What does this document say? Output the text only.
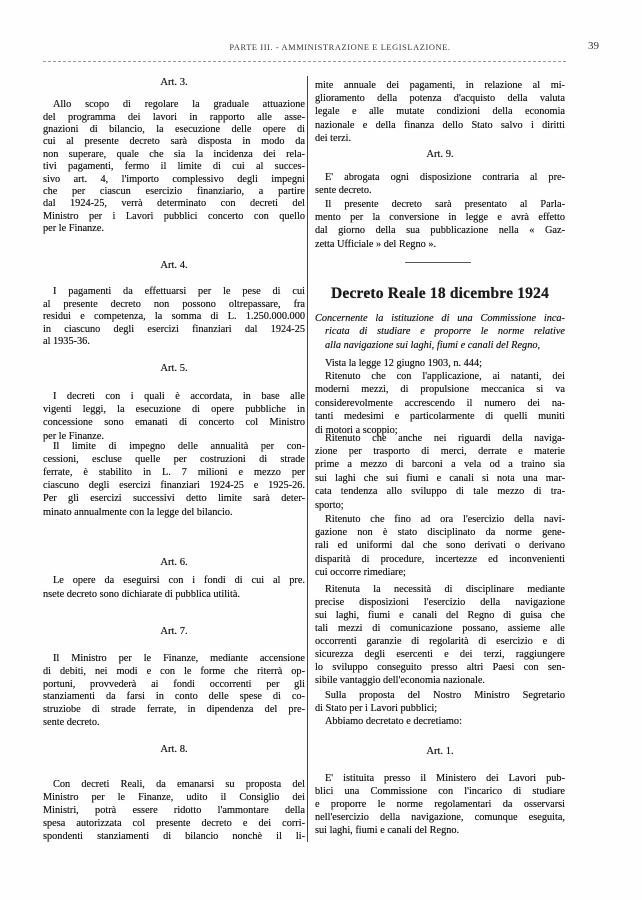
PARTE III. - AMMINISTRAZIONE E LEGISLAZIONE.	39
Art. 3.
Allo scopo di regolare la graduale attuazione
del programma dei lavori in rapporto alle asse-
gnazioni di bilancio, la esecuzione delle opere di
cui al presente decreto sarà disposta in modo da
non superare, quale che sia la incidenza dei rela-
tivi pagamenti, fermo il limite di cui al succes-
sivo art. 4, l'importo complessivo degli impegni
che per ciascun esercizio finanziario, a partire
dal 1924-25, verrà determinato con decreti del
Ministro per i Lavori pubblici concerto con quello
per le Finanze.
Art. 4.
I pagamenti da effettuarsi per le pese di cui
al presente decreto non possono oltrepassare, fra
residui e competenza, la somma di L. 1.250.000.000
in ciascuno degli esercizi finanziari dal 1924-25
al 1935-36.
Art. 5.
I decreti con i quali è accordata, in base alle
vigenti leggi, la esecuzione di opere pubbliche in
concessione sono emanati di concerto col Ministro
per le Finanze.
Il limite di impegno delle annualità per con-
cessioni, escluse quelle per costruzioni di strade
ferrate, è stabilito in L. 7 milioni e mezzo per
ciascuno degli esercizi finanziari 1924-25 e 1925-26.
Per gli esercizi successivi detto limite sarà deter-
minato annualmente con la legge del bilancio.
Art. 6.
Le opere da eseguirsi con i fondi di cui al pre.
nsete decreto sono dichiarate di pubblica utilità.
Art. 7.
Il Ministro per le Finanze, mediante accensione
di debiti, nei modi e con le forme che riterrà op-
portuni, provvederà ai fondi occorrenti per gli
stanziamenti da farsi in conto delle spese di co-
struziobe di strade ferrate, in dipendenza del pre-
sente decreto.
Art. 8.
Con decreti Reali, da emanarsi su proposta del
Ministro per le Finanze, udito il Consiglio dei
Ministri, potrà essere ridotto l'ammontare della
spesa autorizzata col presente decreto e dei corri-
spondenti stanziamenti di bilancio nonchè il li-
mite annuale dei pagamenti, in relazione al mi-
glioramento della potenza d'acquisto della valuta
legale e alle mutate condizioni della economia
nazionale e della finanza dello Stato salvo i diritti
dei terzi.
Art. 9.
E' abrogata ogni disposizione contraria al pre-
sente decreto.
Il presente decreto sarà presentato al Parla-
mento per la conversione in legge e avrà effetto
dal giorno della sua pubblicazione nella « Gaz-
zetta Ufficiale » del Regno ».
Decreto Reale 18 dicembre 1924
Concernente la istituzione di una Commissione inca-
ricata di studiare e proporre le norme relative
alla navigazione sui laghi, fiumi e canali del Regno,
Vista la legge 12 giugno 1903, n. 444;
Ritenuto che con l'applicazione, ai natanti, dei
moderni mezzi, di propulsione meccanica si va
considerevolmente accrescendo il numero dei na-
tanti medesimi e particolarmente di quelli muniti
di motori a scoppio;
Ritenuto che anche nei riguardi della naviga-
zione per trasporto di merci, derrate e materie
prime a mezzo di barconi a vela od a traino sia
sui laghi che sui fiumi e canali si nota una mar-
cata tendenza allo sviluppo di tale mezzo di tra-
sporto;
Ritenuto che fino ad ora l'esercizio della navi-
gazione non è stato disciplinato da norme gene-
rali ed uniformi dal che sono derivati o derivano
disparità di procedure, incertezze ed inconvenienti
cui occorre rimediare;
Ritenuta la necessità di disciplinare mediante
precise disposizioni l'esercizio della navigazione
sui laghi, fiumi e canali del Regno di guisa che
tali mezzi di comunicazione possano, assieme alle
occorrenti garanzie di regolarità di esercizio e di
sicurezza degli esercenti e dei terzi, raggiungere
lo sviluppo conseguito presso altri Paesi con sen-
sibile vantaggio dell'economia nazionale.
Sulla proposta del Nostro Ministro Segretario
di Stato per i Lavori pubblici;
Abbiamo decretato e decretiamo:
Art. 1.
E' istituita presso il Ministero dei Lavori pub-
blici una Commissione con l'incarico di studiare
e proporre le norme regolamentari da osservarsi
nell'esercizio della navigazione, comunque eseguita,
sui laghi, fiumi e canali del Regno.
